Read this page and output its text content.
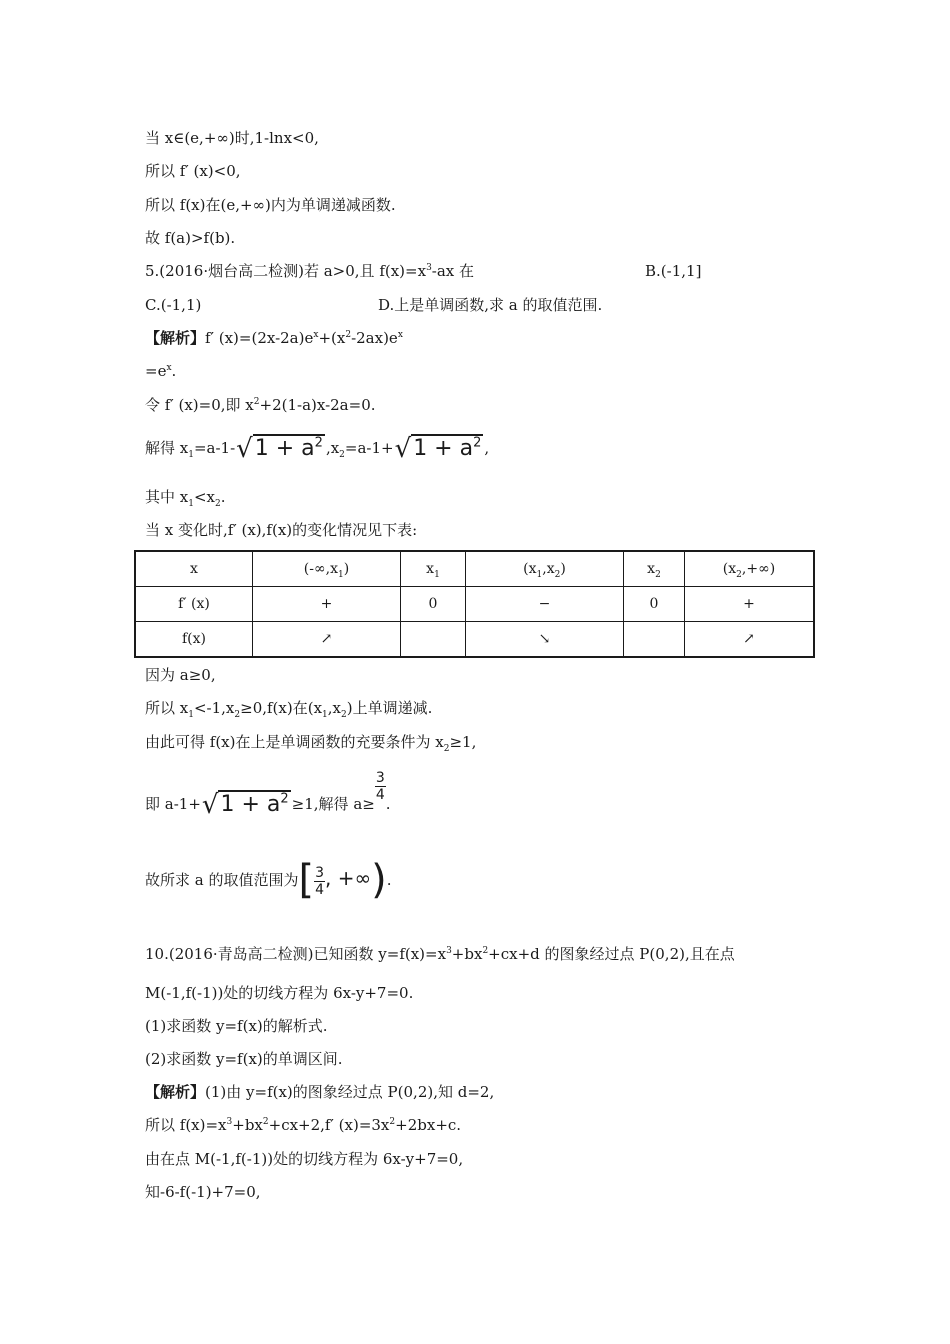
当 x∈(e,+∞)时,1-lnx<0,
所以 f′ (x)<0,
所以 f(x)在(e,+∞)内为单调递减函数.
故 f(a)>f(b).
5.(2016·烟台高二检测)若 a>0,且 $f(x)=x^3-ax$ 在	B.(-1,1]
C.(-1,1)	D.上是单调函数,求 a 的取值范围.
【解析】f′ $(x)=(2x-2a)e^x+(x^2-2ax)e^x$
$=e^x$.
令 f′ (x)=0,即 $x^2+2(1-a)x-2a=0$.
解得 $x_1=a-1-√1 + a^2$ $,x_2=a-1+√1 + a^2$ ,
其中 $x_1<x_2$.
当 x 变化时,f′ (x),f(x)的变化情况见下表:
x	$(-\infty,x_1)$	$x_1$	$(x_1,x_2)$	$x_2$	$(x_2,+\infty)$
f′ (x)	+	0	−	0	+
f(x)	↗		↘		↗
因为 a≥0,
所以 $x_1<-1,x_2\ge 0,f(x)$在$(x_1,x_2)$上单调递减.
由此可得 f(x)在上是单调函数的充要条件为 $x_2\ge 1$,
即 $a-1+√1 + a^2 \ge 1$,解得 a≥
$\frac{3}{4}$
.
故所求 a 的取值范围为[ $\frac{3}{4}$ , +∞).
10.(2016·青岛高二检测)已知函数 $y=f(x)=x^3+bx^2+cx+d$ 的图象经过点 P(0,2),且在点
M(-1,f(-1))处的切线方程为 6x-y+7=0.
(1)求函数 y=f(x)的解析式.
(2)求函数 y=f(x)的单调区间.
【解析】(1)由 y=f(x)的图象经过点 P(0,2),知 d=2,
所以 $f(x)=x^3+bx^2+cx+2,f'$ $(x)=3x^2+2bx+c$.
由在点 M(-1,f(-1))处的切线方程为 6x-y+7=0,
知-6-f(-1)+7=0,
